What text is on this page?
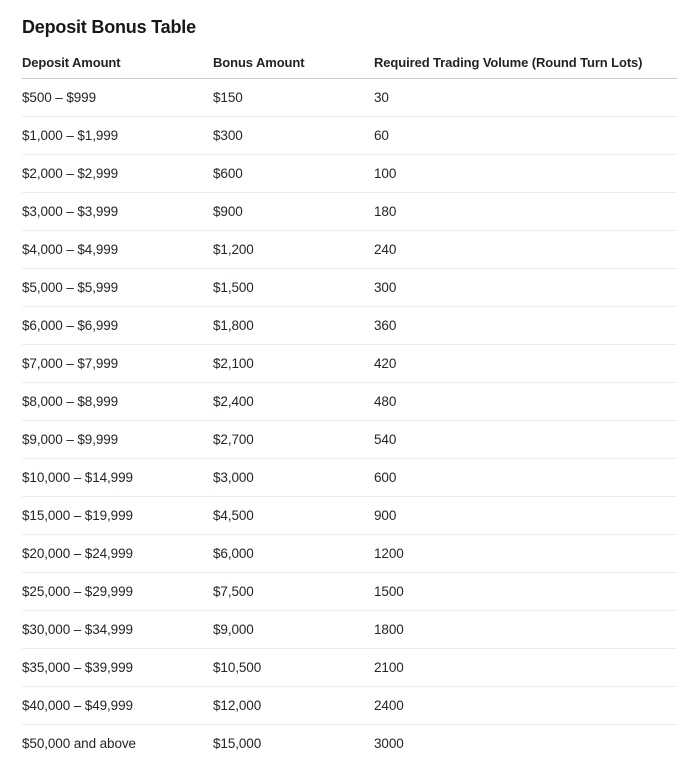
Deposit Bonus Table
Deposit Amount	Bonus Amount	Required Trading Volume (Round Turn Lots)
$500 – $999	$150	30
$1,000 – $1,999	$300	60
$2,000 – $2,999	$600	100
$3,000 – $3,999	$900	180
$4,000 – $4,999	$1,200	240
$5,000 – $5,999	$1,500	300
$6,000 – $6,999	$1,800	360
$7,000 – $7,999	$2,100	420
$8,000 – $8,999	$2,400	480
$9,000 – $9,999	$2,700	540
$10,000 – $14,999	$3,000	600
$15,000 – $19,999	$4,500	900
$20,000 – $24,999	$6,000	1200
$25,000 – $29,999	$7,500	1500
$30,000 – $34,999	$9,000	1800
$35,000 – $39,999	$10,500	2100
$40,000 – $49,999	$12,000	2400
$50,000 and above	$15,000	3000
